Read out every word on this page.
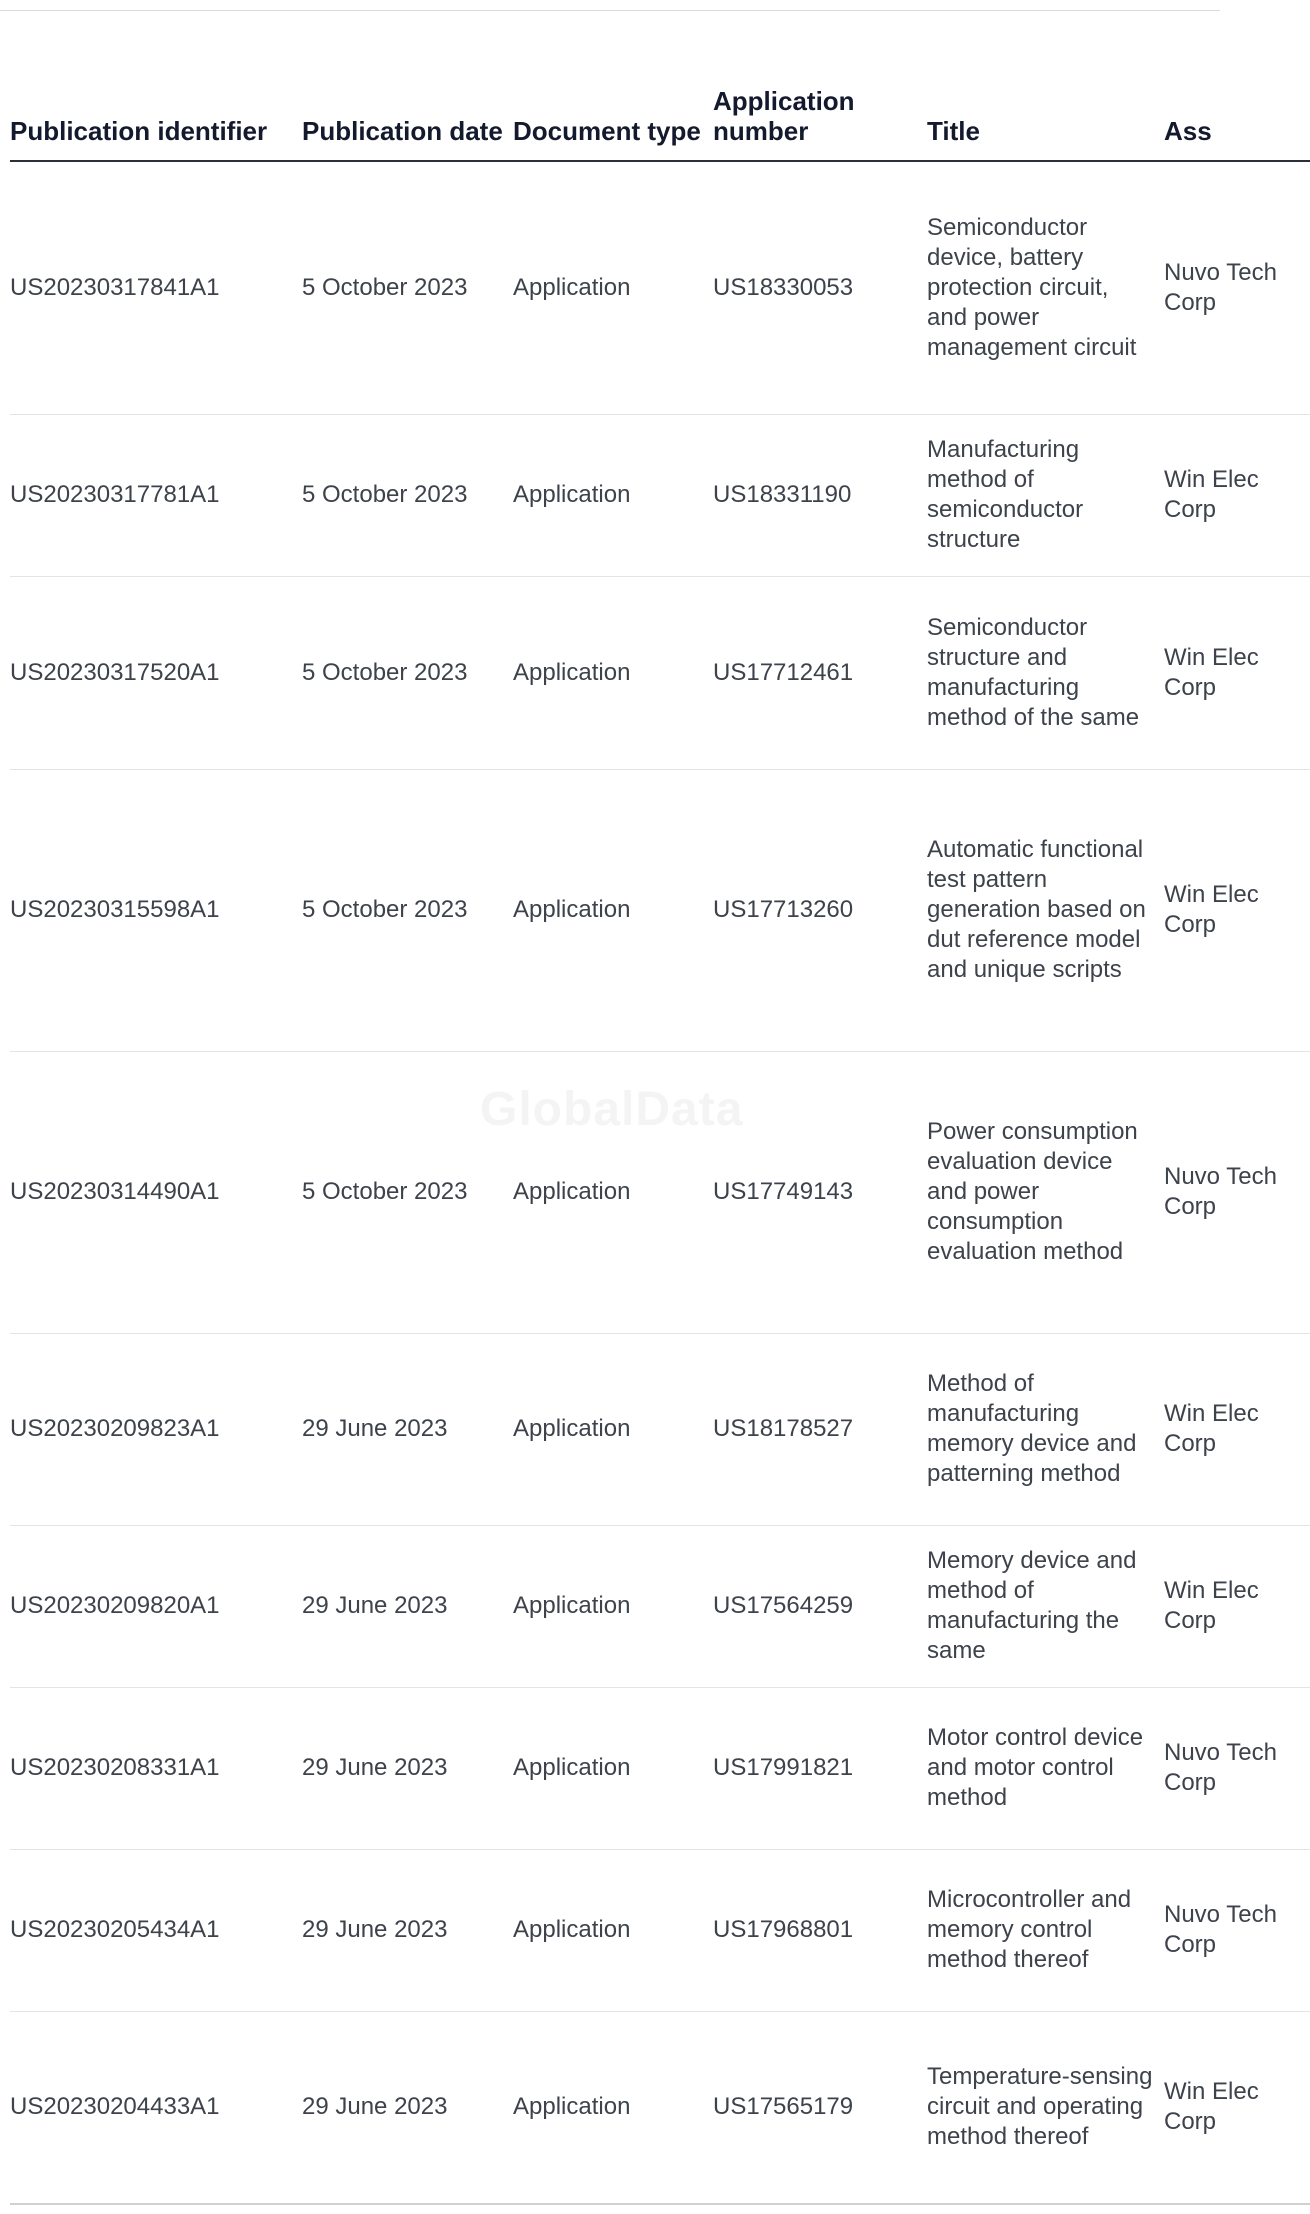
GlobalData
Publication identifier	Publication date	Document type	Application number	Title	Ass
US20230317841A1	5 October 2023	Application	US18330053	Semiconductor device, battery protection circuit, and power management circuit	Nuvo Tech Corp
US20230317781A1	5 October 2023	Application	US18331190	Manufacturing method of semiconductor structure	Win Elec Corp
US20230317520A1	5 October 2023	Application	US17712461	Semiconductor structure and manufacturing method of the same	Win Elec Corp
US20230315598A1	5 October 2023	Application	US17713260	Automatic functional test pattern generation based on dut reference model and unique scripts	Win Elec Corp
US20230314490A1	5 October 2023	Application	US17749143	Power consumption evaluation device and power consumption evaluation method	Nuvo Tech Corp
US20230209823A1	29 June 2023	Application	US18178527	Method of manufacturing memory device and patterning method	Win Elec Corp
US20230209820A1	29 June 2023	Application	US17564259	Memory device and method of manufacturing the same	Win Elec Corp
US20230208331A1	29 June 2023	Application	US17991821	Motor control device and motor control method	Nuvo Tech Corp
US20230205434A1	29 June 2023	Application	US17968801	Microcontroller and memory control method thereof	Nuvo Tech Corp
US20230204433A1	29 June 2023	Application	US17565179	Temperature-sensing circuit and operating method thereof	Win Elec Corp
